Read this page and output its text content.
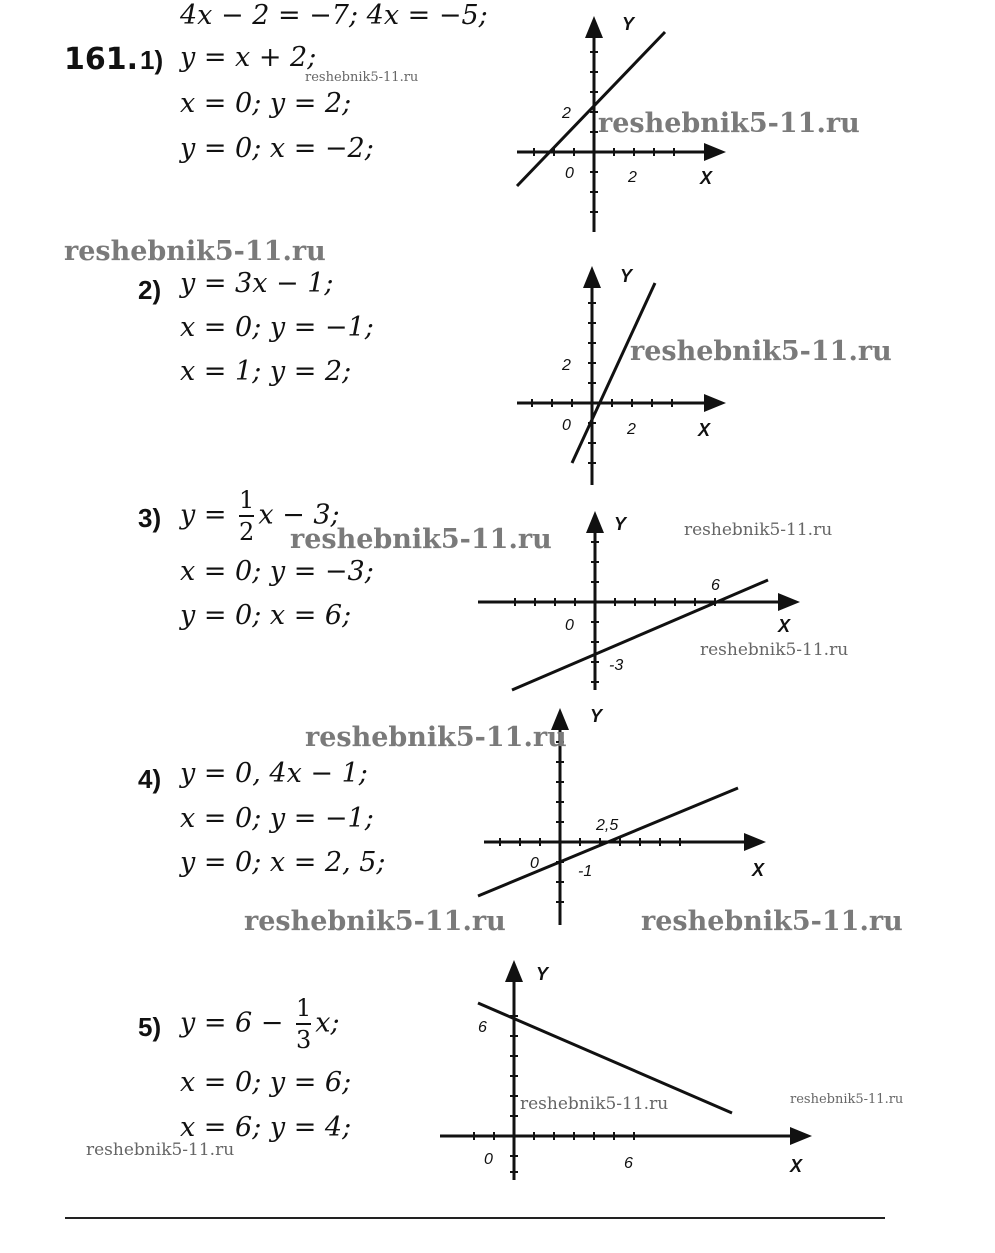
4x − 2 = −7; 4x = −5;
161. 1) y = x + 2;
x = 0; y = 2;
y = 0; x = −2;
2) y = 3x − 1;
x = 0; y = −1;
x = 1; y = 2;
3) $y = \frac{1}{2}$ x − 3;
x = 0; y = −3;
y = 0; x = 6;
4) y = 0, 4x − 1;
x = 0; y = −1;
y = 0; x = 2, 5;
5) $y = 6 - \frac{1}{3} x$;
x = 0; y = 6;
x = 6; y = 4;
Y
X
0
2
2
Y
X
0
2
2
Y
X
0
6
-3
Y
X
0
2,5
-1
Y
X
0
6
6
reshebnik5-11.ru
reshebnik5-11.ru
reshebnik5-11.ru
reshebnik5-11.ru
reshebnik5-11.ru
reshebnik5-11.ru
reshebnik5-11.ru
reshebnik5-11.ru
reshebnik5-11.ru	reshebnik5-11.ru
reshebnik5-11.ru	reshebnik5-11.ru
reshebnik5-11.ru
